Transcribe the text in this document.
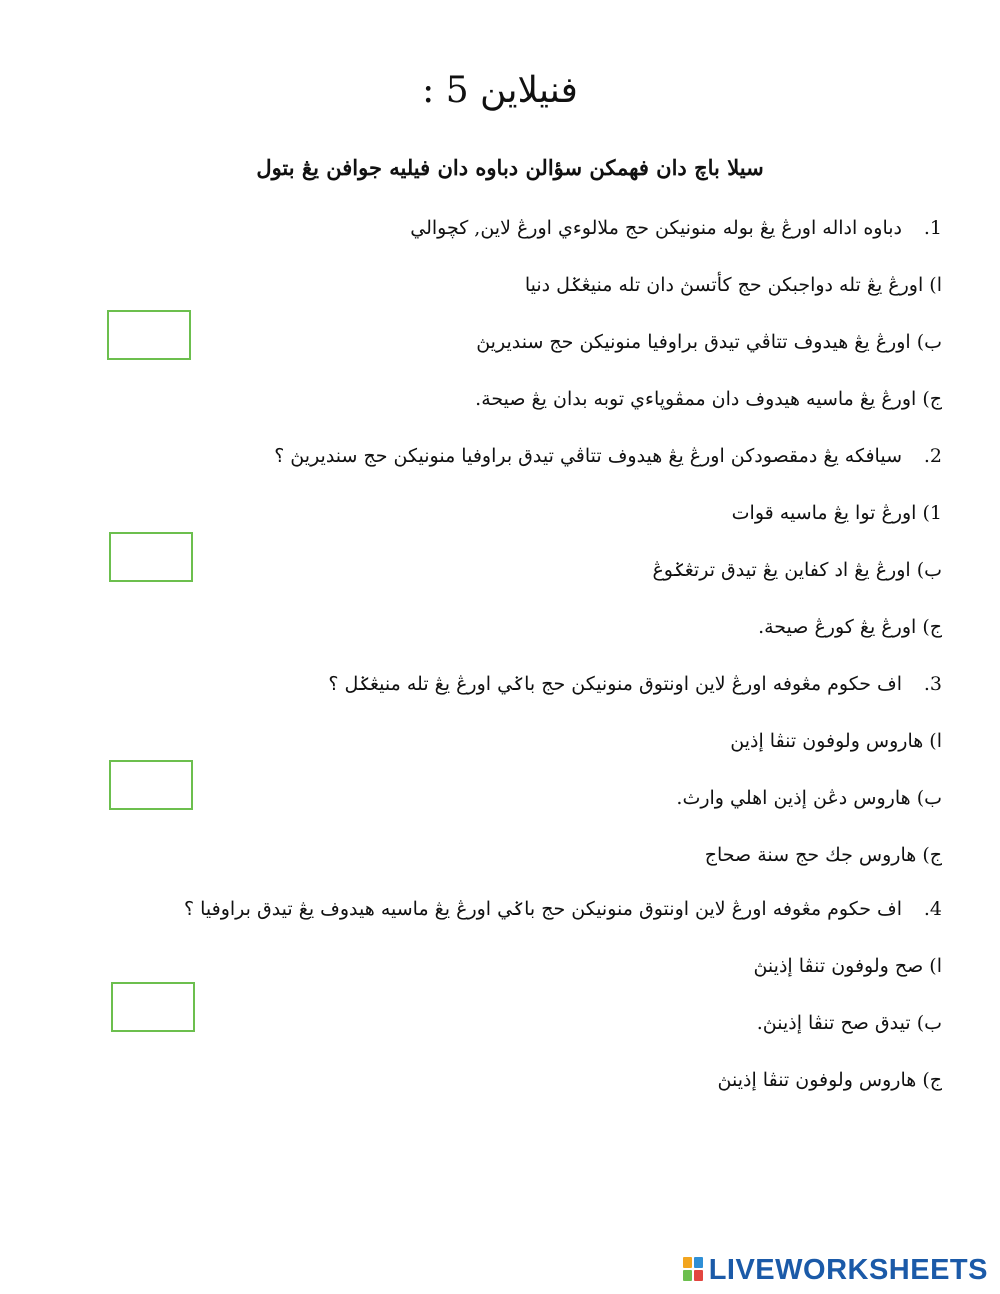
فنيلاين 5 :
سيلا باچ دان فهمکن سؤالن دباوه دان فيليه جوافن يڠ بتول
1.دباوه اداله اورڠ يڠ بوله منونيکن حج ملالوءي اورڠ لاين, کچوالي
ا) اورڠ يڠ تله دواجبکن حج كأتسڽ دان تله منيڠݢل دنيا
ب) اورڠ يڠ هيدوف تتاڤي تيدق براوفيا منونيکن حج سنديريڽ
ج) اورڠ يڠ ماسيه هيدوف دان ممڤوڽاءي توبه بدان يڠ صيحة.
2.سيافکه يڠ دمقصودکن اورڠ يڠ هيدوف تتاڤي تيدق براوفيا منونيکن حج سنديريڽ ؟
1) اورڠ توا يڠ ماسيه قوات
ب) اورڠ يڠ اد کفاين يڠ تيدق ترتڠݢوڠ
ج) اورڠ يڠ کورڠ صيحة.
3.اف حکوم مڠوفه اورڠ لاين اونتوق منونيکن حج باݢي اورڠ يڠ تله منيڠݢل ؟
ا) هاروس ولوفون تنڤا إذين
ب) هاروس دڠن إذين اهلي وارث.
ج) هاروس جك حج سنة صحاج
4.اف حکوم مڠوفه اورڠ لاين اونتوق منونيکن حج باݢي اورڠ يڠ ماسيه هيدوف يڠ تيدق براوفيا ؟
ا) صح ولوفون تنڤا إذينڽ
ب) تيدق صح تنڤا إذينڽ.
ج) هاروس ولوفون تنڤا إذينڽ
LIVEWORKSHEETS
